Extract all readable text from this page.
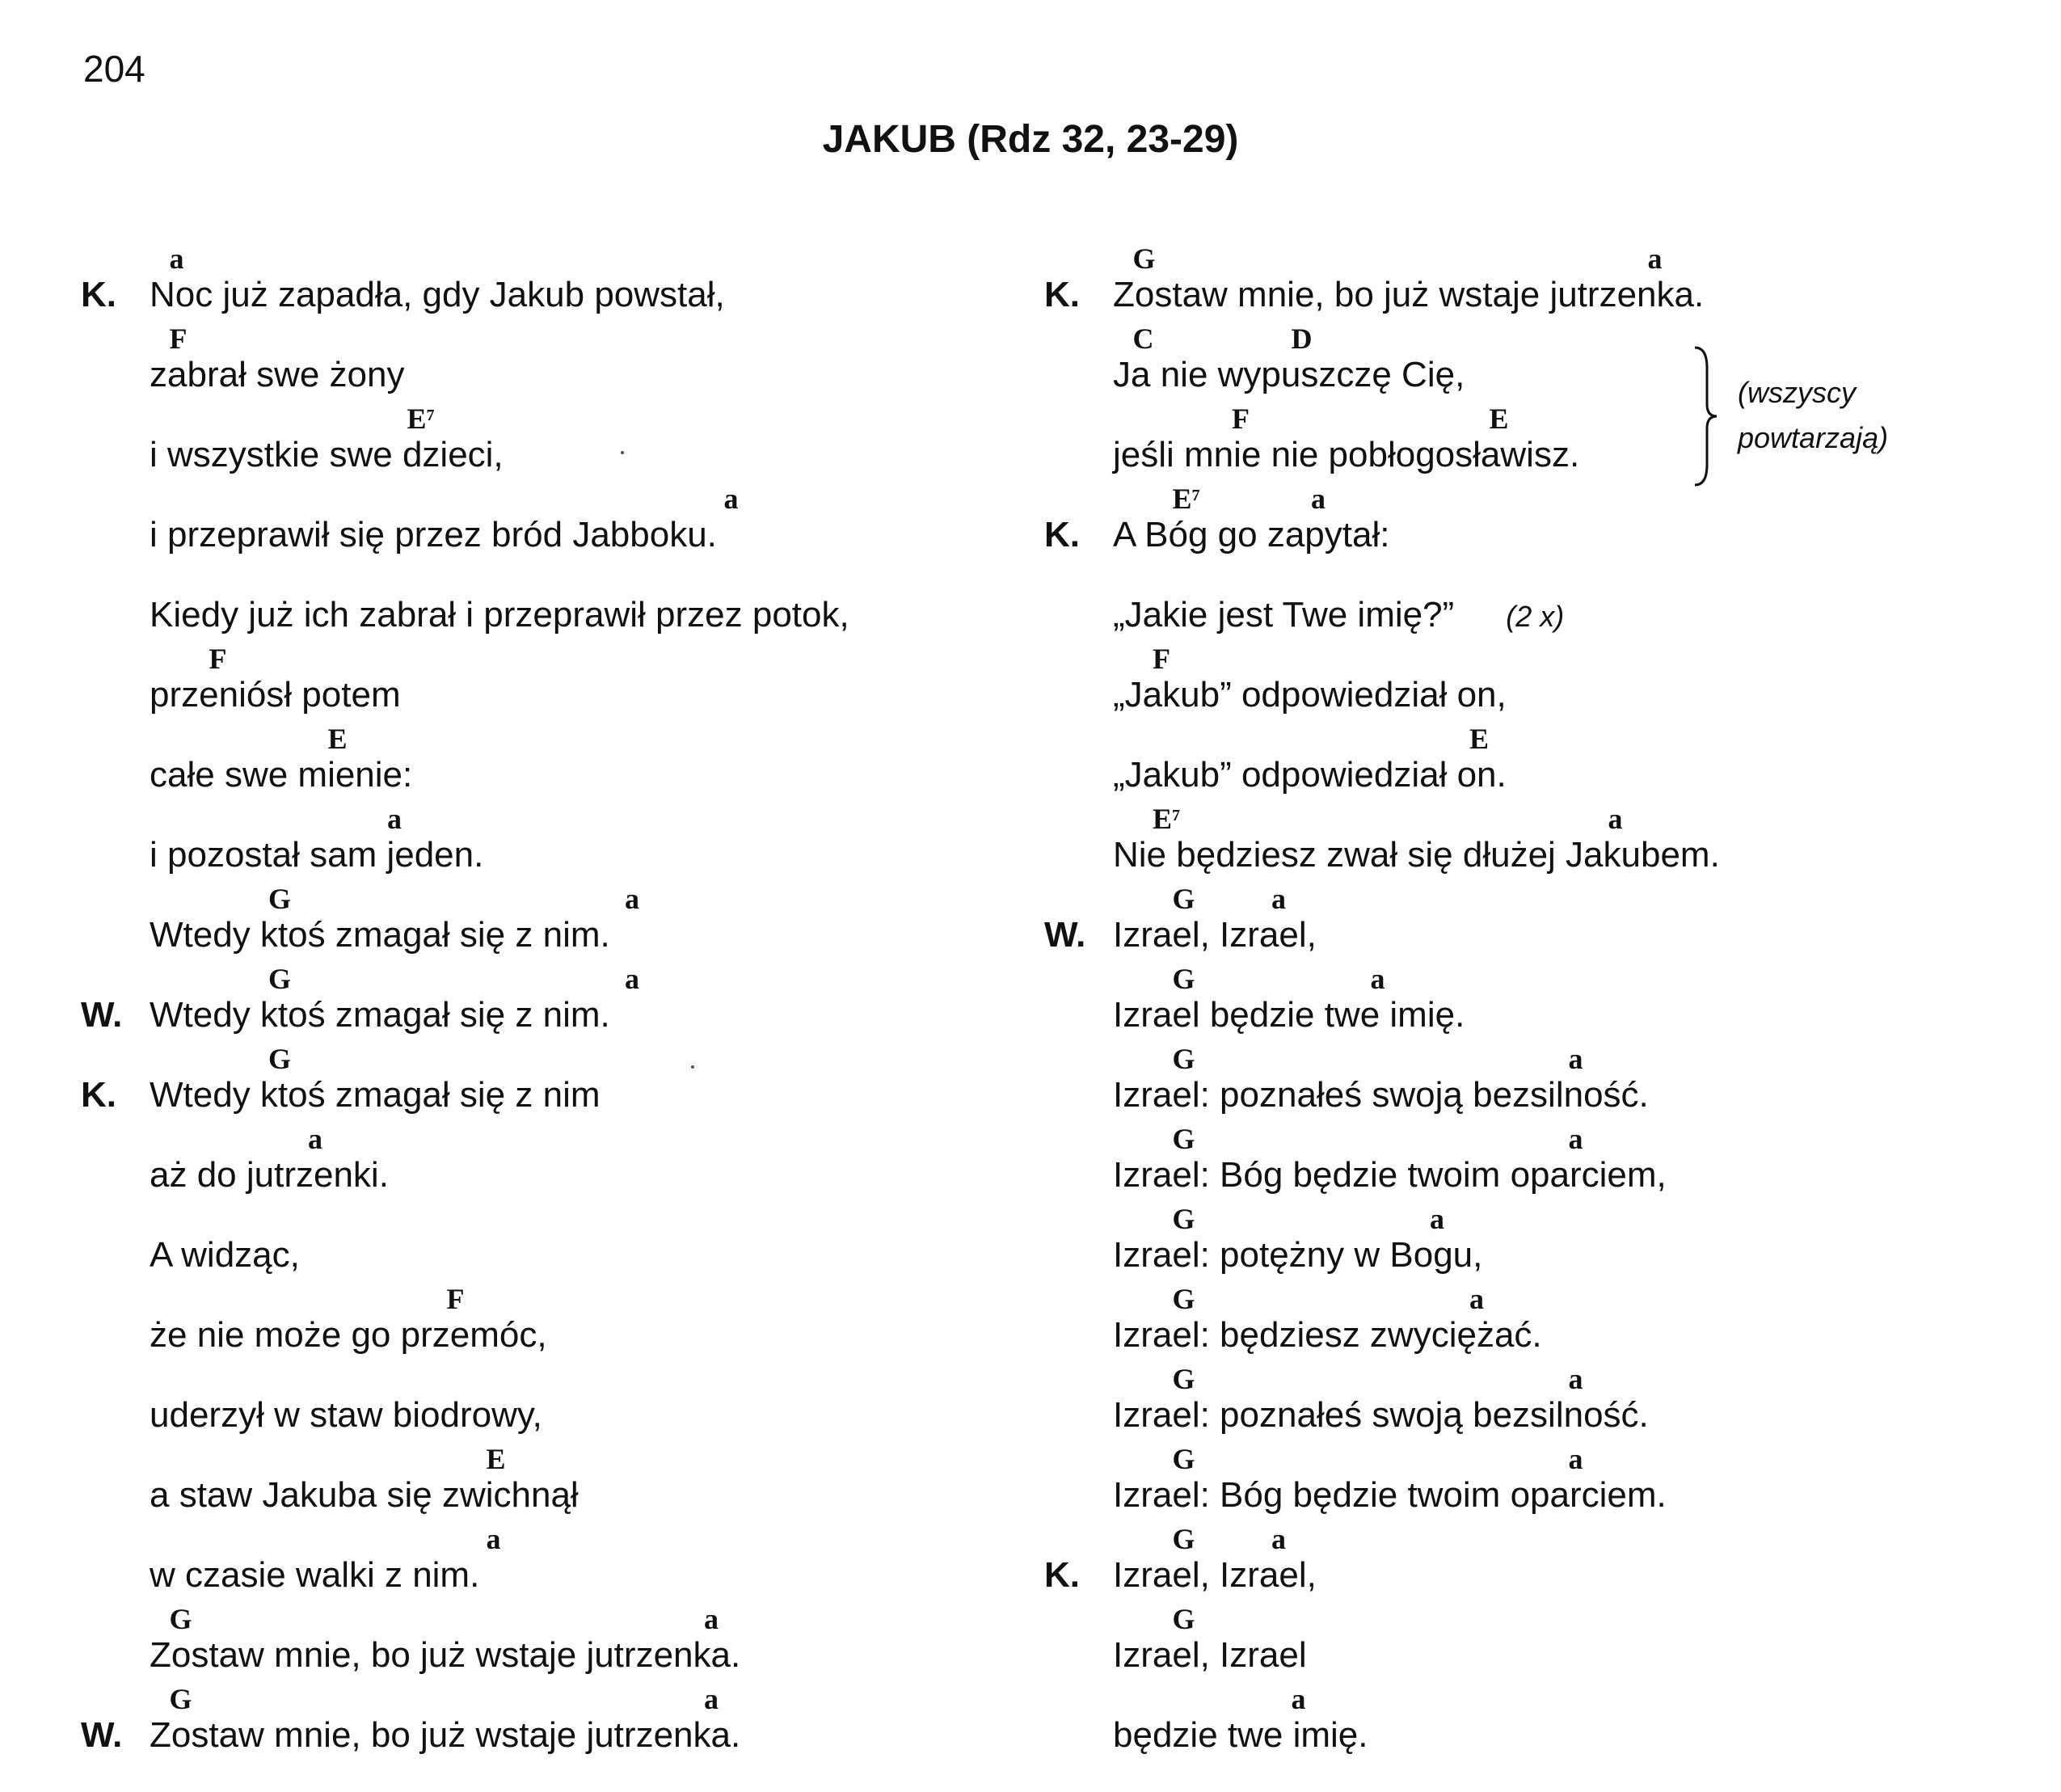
204
JAKUB (Rdz 32, 23-29)
a
K. Noc już zapadła, gdy Jakub powstał,
F
zabrał swe żony
$E^7$
i wszystkie swe dzieci,
a
i przeprawił się przez bród Jabboku.
Kiedy już ich zabrał i przeprawił przez potok,
F
przeniósł potem
E
całe swe mienie:
a
i pozostał sam jeden.
G	a
Wtedy ktoś zmagał się z nim.
G	a
W. Wtedy ktoś zmagał się z nim.
G
K. Wtedy ktoś zmagał się z nim
a
aż do jutrzenki.
A widząc,
F
że nie może go przemóc,
uderzył w staw biodrowy,
E
a staw Jakuba się zwichnął
a
w czasie walki z nim.
G	a
Zostaw mnie, bo już wstaje jutrzenka.
G	a
W. Zostaw mnie, bo już wstaje jutrzenka.
G	a
K. Zostaw mnie, bo już wstaje jutrzenka.
C	D
Ja nie wypuszczę Cię,
F	E
jeśli mnie nie pobłogosławisz.
$E^7$	a
K. A Bóg go zapytał:
„Jakie jest Twe imię?” (2 x)
F
„Jakub” odpowiedział on,
E
„Jakub” odpowiedział on.
$E^7$	a
Nie będziesz zwał się dłużej Jakubem.
G	a
W. Izrael, Izrael,
G	a
Izrael będzie twe imię.
G	a
Izrael: poznałeś swoją bezsilność.
G	a
Izrael: Bóg będzie twoim oparciem,
G	a
Izrael: potężny w Bogu,
G	a
Izrael: będziesz zwyciężać.
G	a
Izrael: poznałeś swoją bezsilność.
G	a
Izrael: Bóg będzie twoim oparciem.
G	a
K. Izrael, Izrael,
G
Izrael, Izrael
a
będzie twe imię.
(wszyscy
powtarzają)
